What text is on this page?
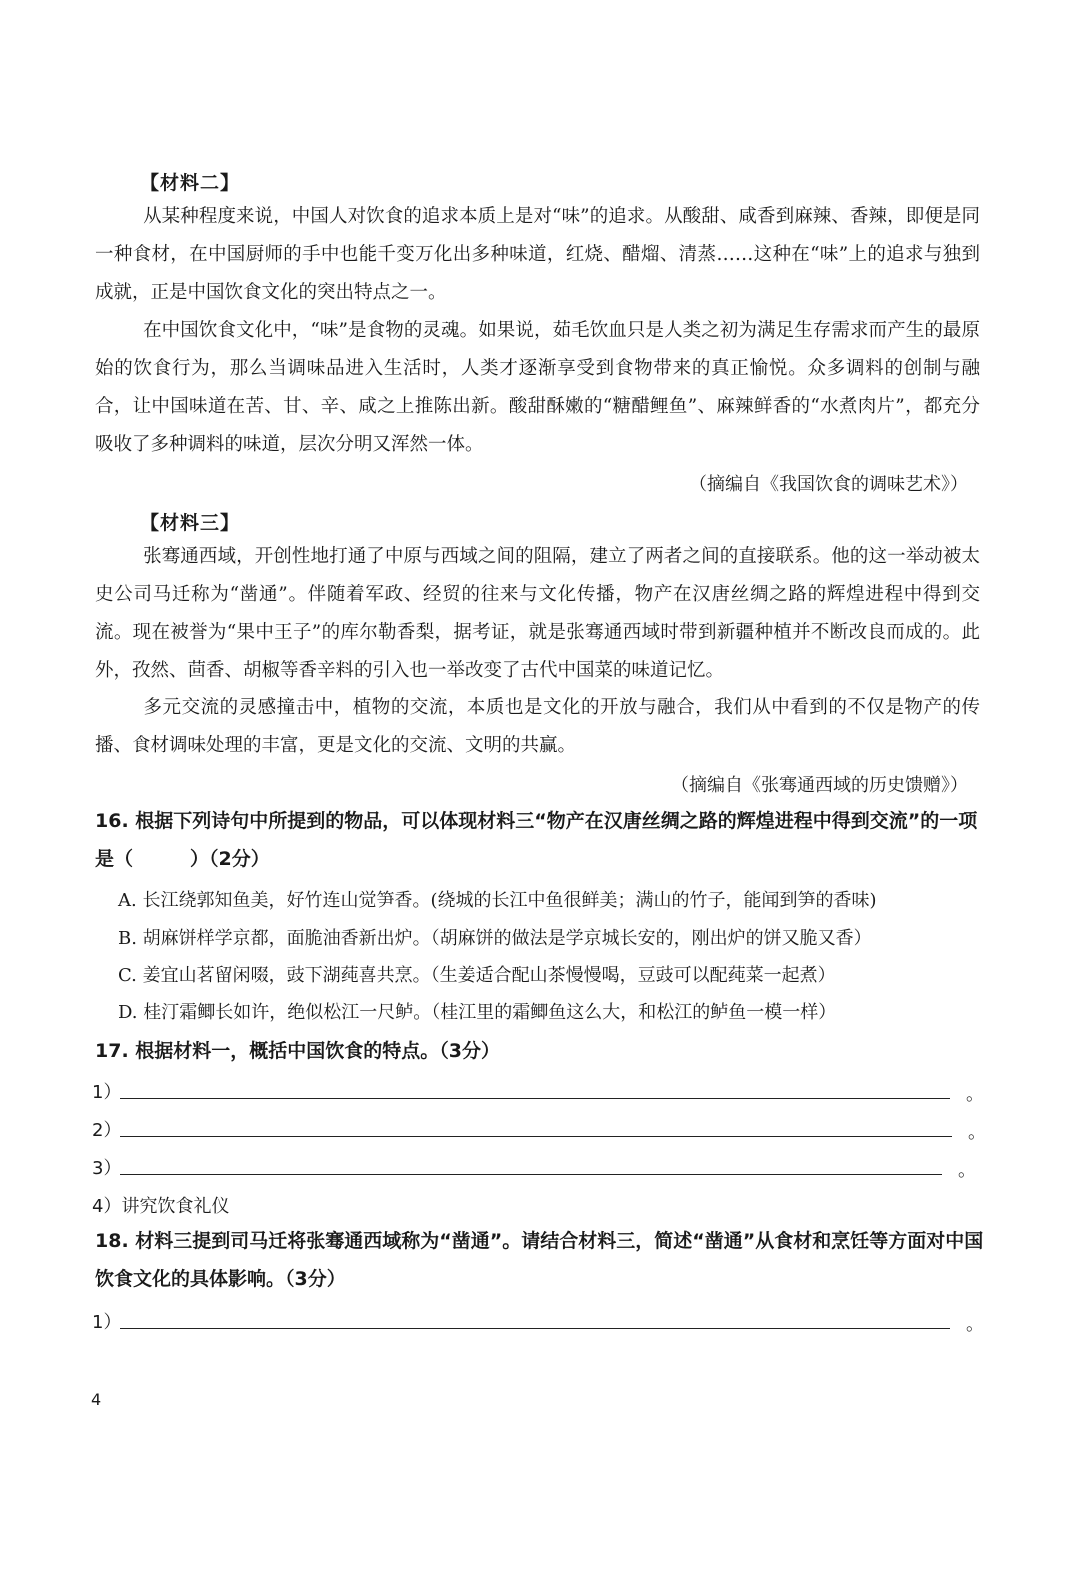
【材料二】

从某种程度来说，中国人对饮食的追求本质上是对“味”的追求。从酸甜、咸香到麻辣、香辣，即便是同一种食材，在中国厨师的手中也能千变万化出多种味道，红烧、醋熘、清蒸……这种在“味”上的追求与独到成就，正是中国饮食文化的突出特点之一。

在中国饮食文化中，“味”是食物的灵魂。如果说，茹毛饮血只是人类之初为满足生存需求而产生的最原始的饮食行为，那么当调味品进入生活时，人类才逐渐享受到食物带来的真正愉悦。众多调料的创制与融合，让中国味道在苦、甘、辛、咸之上推陈出新。酸甜酥嫩的“糖醋鲤鱼”、麻辣鲜香的“水煮肉片”，都充分吸收了多种调料的味道，层次分明又浑然一体。

（摘编自《我国饮食的调味艺术》）

【材料三】

张骞通西域，开创性地打通了中原与西域之间的阻隔，建立了两者之间的直接联系。他的这一举动被太史公司马迁称为“凿通”。伴随着军政、经贸的往来与文化传播，物产在汉唐丝绸之路的辉煌进程中得到交流。现在被誉为“果中王子”的库尔勒香梨，据考证，就是张骞通西域时带到新疆种植并不断改良而成的。此外，孜然、茴香、胡椒等香辛料的引入也一举改变了古代中国菜的味道记忆。

多元交流的灵感撞击中，植物的交流，本质也是文化的开放与融合，我们从中看到的不仅是物产的传播、食材调味处理的丰富，更是文化的交流、文明的共赢。

（摘编自《张骞通西域的历史馈赠》）

16. 根据下列诗句中所提到的物品，可以体现材料三“物产在汉唐丝绸之路的辉煌进程中得到交流”的一项是（　　　）（2分）

A. 长江绕郭知鱼美，好竹连山觉笋香。(绕城的长江中鱼很鲜美；满山的竹子，能闻到笋的香味)

B. 胡麻饼样学京都，面脆油香新出炉。（胡麻饼的做法是学京城长安的，刚出炉的饼又脆又香）

C. 姜宜山茗留闲啜，豉下湖莼喜共烹。（生姜适合配山茶慢慢喝，豆豉可以配莼菜一起煮）

D. 桂汀霜鲫长如许，绝似松江一尺鲈。（桂江里的霜鲫鱼这么大，和松江的鲈鱼一模一样）

17. 根据材料一，概括中国饮食的特点。（3分）

1）	。
2）	。
3）	。

4）讲究饮食礼仪

18. 材料三提到司马迁将张骞通西域称为“凿通”。请结合材料三，简述“凿通”从食材和烹饪等方面对中国饮食文化的具体影响。（3分）

1）	。

4
